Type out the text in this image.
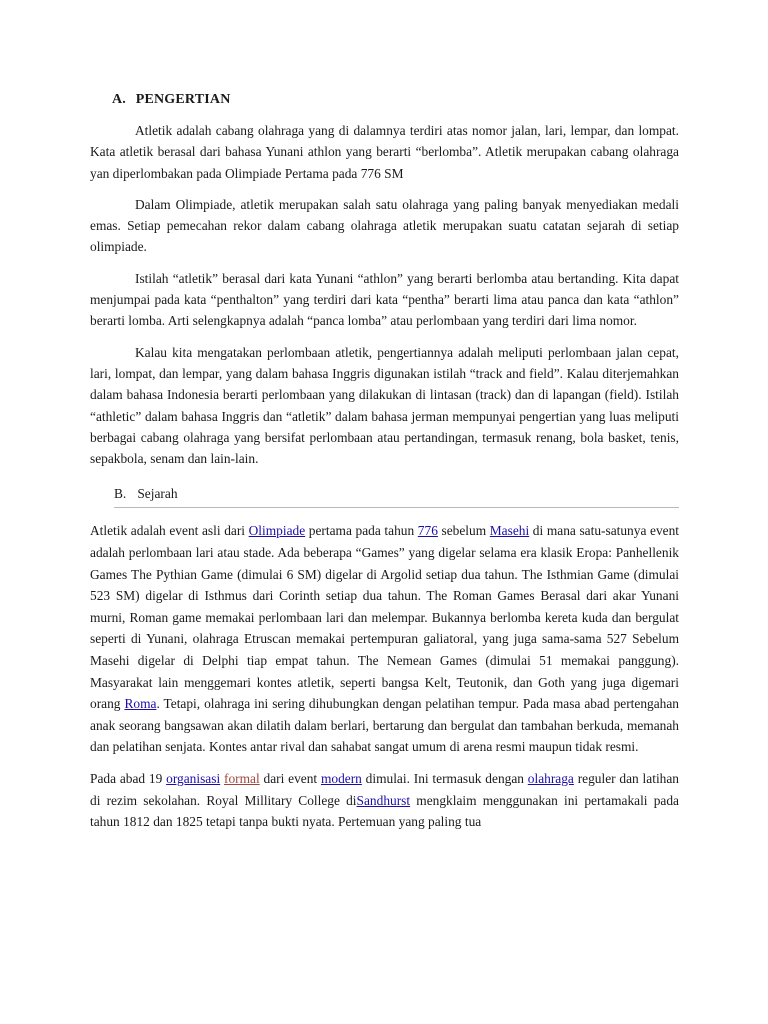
A. PENGERTIAN

Atletik adalah cabang olahraga yang di dalamnya terdiri atas nomor jalan, lari, lempar, dan lompat. Kata atletik berasal dari bahasa Yunani athlon yang berarti “berlomba”. Atletik merupakan cabang olahraga yan diperlombakan pada Olimpiade Pertama pada 776 SM

Dalam Olimpiade, atletik merupakan salah satu olahraga yang paling banyak menyediakan medali emas. Setiap pemecahan rekor dalam cabang olahraga atletik merupakan suatu catatan sejarah di setiap olimpiade.

Istilah “atletik” berasal dari kata Yunani “athlon” yang berarti berlomba atau bertanding. Kita dapat menjumpai pada kata “penthalton” yang terdiri dari kata “pentha” berarti lima atau panca dan kata “athlon” berarti lomba. Arti selengkapnya adalah “panca lomba” atau perlombaan yang terdiri dari lima nomor.

Kalau kita mengatakan perlombaan atletik, pengertiannya adalah meliputi perlombaan jalan cepat, lari, lompat, dan lempar, yang dalam bahasa Inggris digunakan istilah “track and field”. Kalau diterjemahkan dalam bahasa Indonesia berarti perlombaan yang dilakukan di lintasan (track) dan di lapangan (field). Istilah “athletic” dalam bahasa Inggris dan “atletik” dalam bahasa jerman mempunyai pengertian yang luas meliputi berbagai cabang olahraga yang bersifat perlombaan atau pertandingan, termasuk renang, bola basket, tenis, sepakbola, senam dan lain-lain.

B. Sejarah

Atletik adalah event asli dari Olimpiade pertama pada tahun 776 sebelum Masehi di mana satu-satunya event adalah perlombaan lari atau stade. Ada beberapa “Games” yang digelar selama era klasik Eropa: Panhellenik Games The Pythian Game (dimulai 6 SM) digelar di Argolid setiap dua tahun. The Isthmian Game (dimulai 523 SM) digelar di Isthmus dari Corinth setiap dua tahun. The Roman Games Berasal dari akar Yunani murni, Roman game memakai perlombaan lari dan melempar. Bukannya berlomba kereta kuda dan bergulat seperti di Yunani, olahraga Etruscan memakai pertempuran galiatoral, yang juga sama-sama 527 Sebelum Masehi digelar di Delphi tiap empat tahun. The Nemean Games (dimulai 51 memakai panggung). Masyarakat lain menggemari kontes atletik, seperti bangsa Kelt, Teutonik, dan Goth yang juga digemari orang Roma. Tetapi, olahraga ini sering dihubungkan dengan pelatihan tempur. Pada masa abad pertengahan anak seorang bangsawan akan dilatih dalam berlari, bertarung dan bergulat dan tambahan berkuda, memanah dan pelatihan senjata. Kontes antar rival dan sahabat sangat umum di arena resmi maupun tidak resmi.

Pada abad 19 organisasi formal dari event modern dimulai. Ini termasuk dengan olahraga reguler dan latihan di rezim sekolahan. Royal Millitary College diSandhurst mengklaim menggunakan ini pertamakali pada tahun 1812 dan 1825 tetapi tanpa bukti nyata. Pertemuan yang paling tua
